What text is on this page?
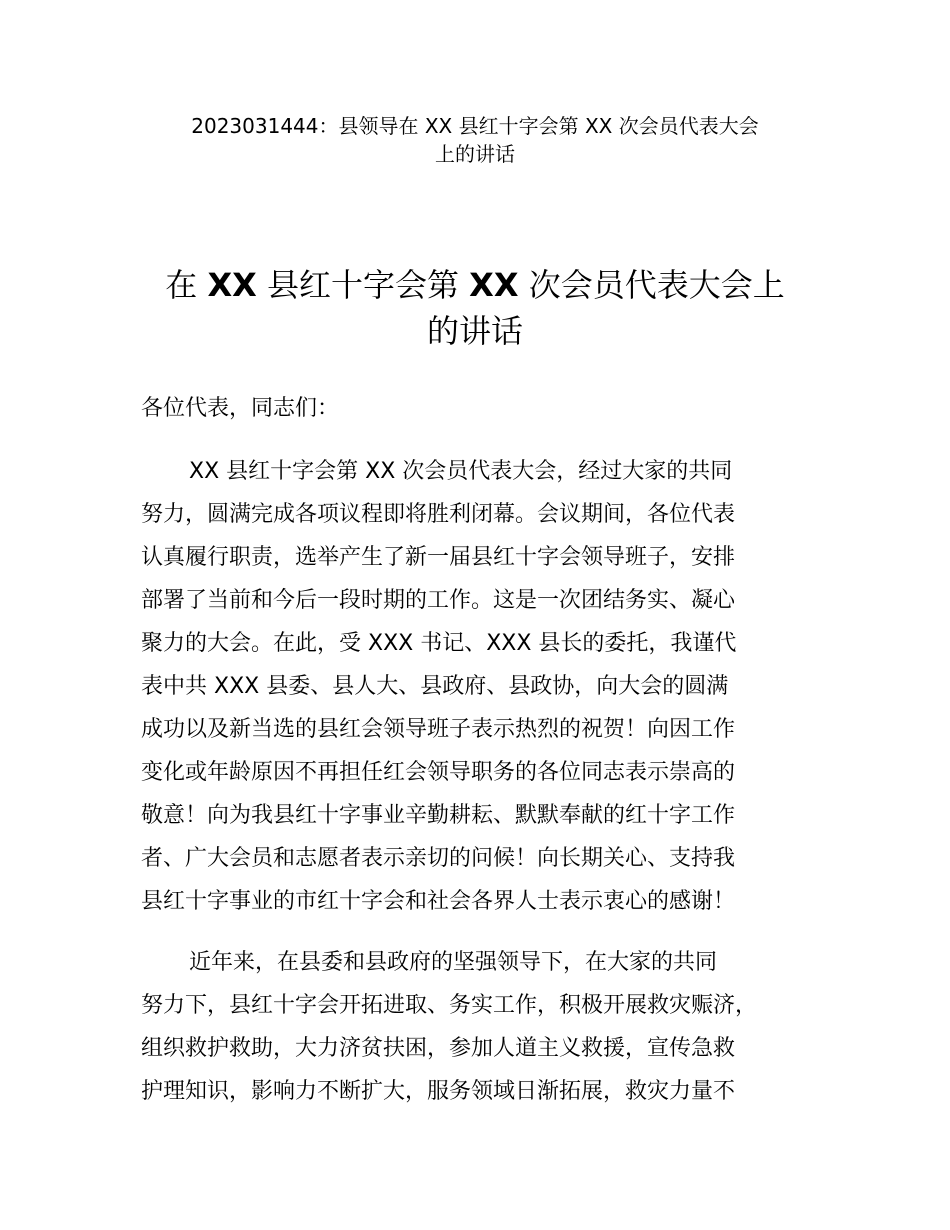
2023031444：县领导在 XX 县红十字会第 XX 次会员代表大会
上的讲话
在 XX 县红十字会第 XX 次会员代表大会上
的讲话
各位代表，同志们：
XX 县红十字会第 XX 次会员代表大会，经过大家的共同
努力，圆满完成各项议程即将胜利闭幕。会议期间，各位代表
认真履行职责，选举产生了新一届县红十字会领导班子，安排
部署了当前和今后一段时期的工作。这是一次团结务实、凝心
聚力的大会。在此，受 XXX 书记、XXX 县长的委托，我谨代
表中共 XXX 县委、县人大、县政府、县政协，向大会的圆满
成功以及新当选的县红会领导班子表示热烈的祝贺！向因工作
变化或年龄原因不再担任红会领导职务的各位同志表示崇高的
敬意！向为我县红十字事业辛勤耕耘、默默奉献的红十字工作
者、广大会员和志愿者表示亲切的问候！向长期关心、支持我
县红十字事业的市红十字会和社会各界人士表示衷心的感谢！
近年来，在县委和县政府的坚强领导下，在大家的共同
努力下，县红十字会开拓进取、务实工作，积极开展救灾赈济，
组织救护救助，大力济贫扶困，参加人道主义救援，宣传急救
护理知识，影响力不断扩大，服务领域日渐拓展，救灾力量不
